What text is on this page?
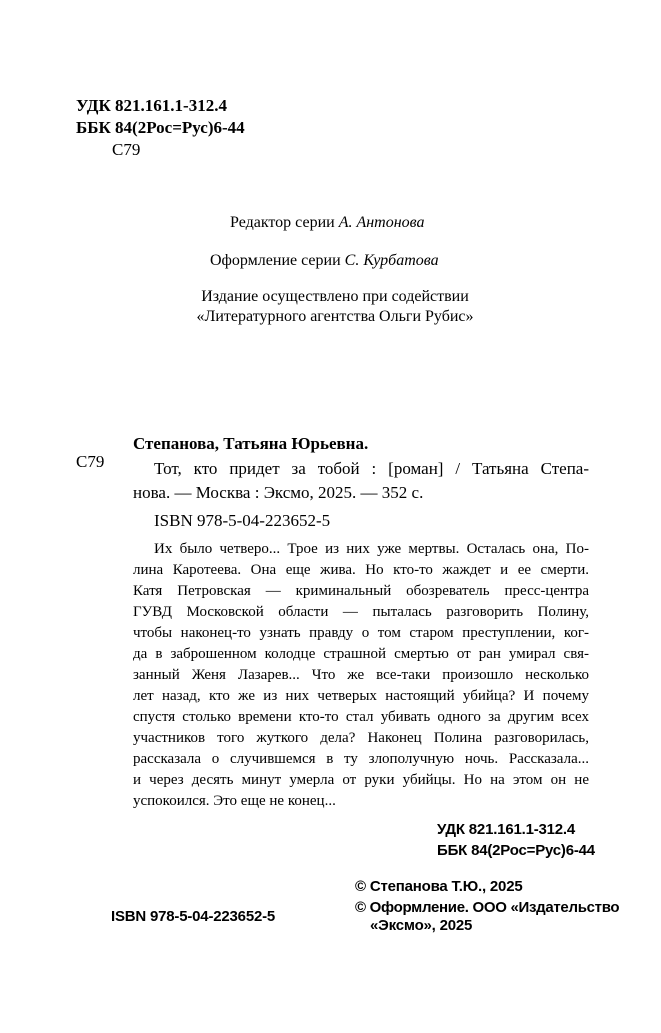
УДК 821.161.1-312.4
ББК 84(2Рос=Рус)6-44
С79
Редактор серии А. Антонова
Оформление серии С. Курбатова
Издание осуществлено при содействии
«Литературного агентства Ольги Рубис»
Степанова, Татьяна Юрьевна.
С79	Тот, кто придет за тобой : [роман] / Татьяна Степа-
нова. — Москва : Эксмо, 2025. — 352 с.
ISBN 978-5-04-223652-5
Их было четверо... Трое из них уже мертвы. Осталась она, По-
лина Каротеева. Она еще жива. Но кто-то жаждет и ее смерти.
Катя Петровская — криминальный обозреватель пресс-центра
ГУВД Московской области — пыталась разговорить Полину,
чтобы наконец-то узнать правду о том старом преступлении, ког-
да в заброшенном колодце страшной смертью от ран умирал свя-
занный Женя Лазарев... Что же все-таки произошло несколько
лет назад, кто же из них четверых настоящий убийца? И почему
спустя столько времени кто-то стал убивать одного за другим всех
участников того жуткого дела? Наконец Полина разговорилась,
рассказала о случившемся в ту злополучную ночь. Рассказала...
и через десять минут умерла от руки убийцы. Но на этом он не
успокоился. Это еще не конец...
УДК 821.161.1-312.4
ББК 84(2Рос=Рус)6-44
© Степанова Т.Ю., 2025
© Оформление. ООО «Издательство
«Эксмо», 2025
ISBN 978-5-04-223652-5
